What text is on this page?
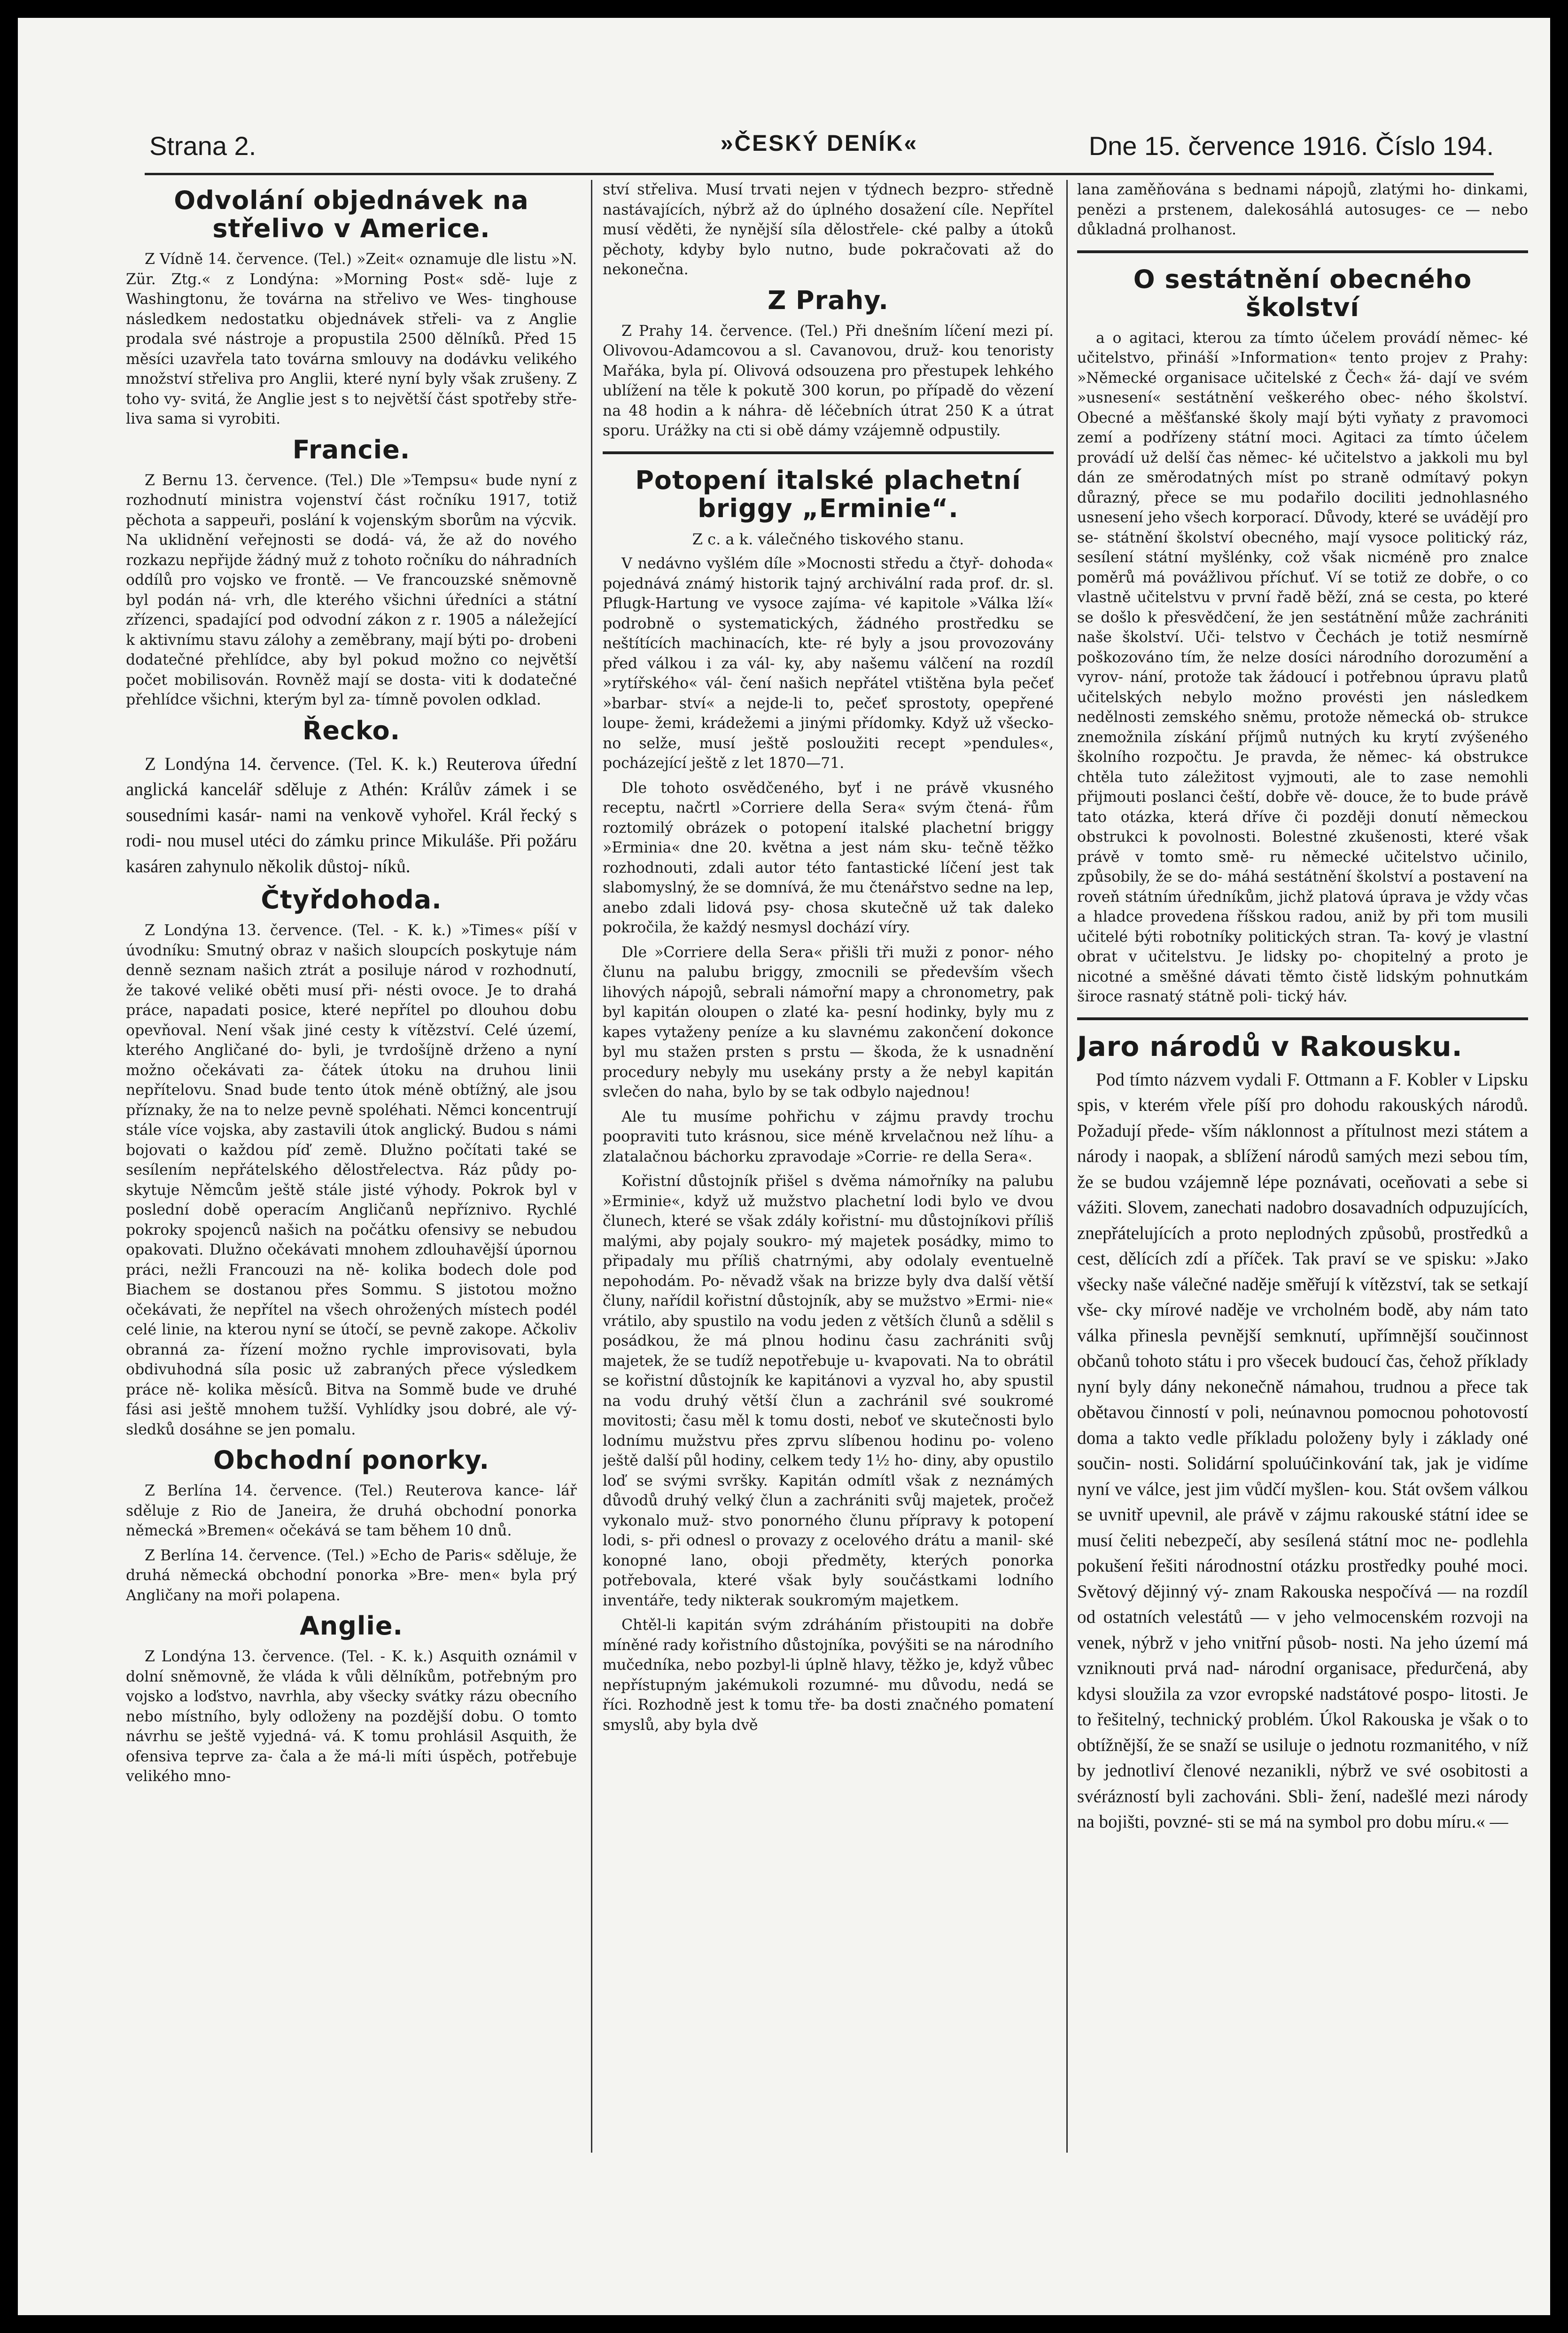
Strana 2.	»ČESKÝ DENÍK«	Dne 15. července 1916. Číslo 194.
Odvolání objednávek na střelivo v Americe.

Z Vídně 14. července. (Tel.) »Zeit« oznamuje dle listu »N. Zür. Ztg.« z Londýna: »Morning Post« sdě- luje z Washingtonu, že továrna na střelivo ve Wes- tinghouse následkem nedostatku objednávek střeli- va z Anglie prodala své nástroje a propustila 2500 dělníků. Před 15 měsíci uzavřela tato továrna smlouvy na dodávku velikého množství střeliva pro Anglii, které nyní byly však zrušeny. Z toho vy- svitá, že Anglie jest s to největší část spotřeby stře- liva sama si vyrobiti.

Francie.

Z Bernu 13. července. (Tel.) Dle »Tempsu« bude nyní z rozhodnutí ministra vojenství část ročníku 1917, totiž pěchota a sappeuři, poslání k vojenským sborům na výcvik. Na uklidnění veřejnosti se dodá- vá, že až do nového rozkazu nepřijde žádný muž z tohoto ročníku do náhradních oddílů pro vojsko ve frontě. — Ve francouzské sněmovně byl podán ná- vrh, dle kterého všichni úředníci a státní zřízenci, spadající pod odvodní zákon z r. 1905 a náležející k aktivnímu stavu zálohy a zeměbrany, mají býti po- drobeni dodatečné přehlídce, aby byl pokud možno co největší počet mobilisován. Rovněž mají se dosta- viti k dodatečné přehlídce všichni, kterým byl za- tímně povolen odklad.

Řecko.

Z Londýna 14. července. (Tel. K. k.) Reuterova úřední anglická kancelář sděluje z Athén: Králův zámek i se sousedními kasár- nami na venkově vyhořel. Král řecký s rodi- nou musel utéci do zámku prince Mikuláše. Při požáru kasáren zahynulo několik důstoj- níků.

Čtyřdohoda.

Z Londýna 13. července. (Tel. - K. k.) »Times« píší v úvodníku: Smutný obraz v našich sloupcích poskytuje nám denně seznam našich ztrát a posiluje národ v rozhodnutí, že takové veliké oběti musí při- nésti ovoce. Je to drahá práce, napadati posice, které nepřítel po dlouhou dobu opevňoval. Není však jiné cesty k vítězství. Celé území, kterého Angličané do- byli, je tvrdošíjně drženo a nyní možno očekávati za- čátek útoku na druhou linii nepřítelovu. Snad bude tento útok méně obtížný, ale jsou příznaky, že na to nelze pevně spoléhati. Němci koncentrují stále více vojska, aby zastavili útok anglický. Budou s námi bojovati o každou píď země. Dlužno počítati také se sesílením nepřátelského dělostřelectva. Ráz půdy po- skytuje Němcům ještě stále jisté výhody. Pokrok byl v poslední době operacím Angličanů nepříznivo. Rychlé pokroky spojenců našich na počátku ofensivy se nebudou opakovati. Dlužno očekávati mnohem zdlouhavější úpornou práci, nežli Francouzi na ně- kolika bodech dole pod Biachem se dostanou přes Sommu. S jistotou možno očekávati, že nepřítel na všech ohrožených místech podél celé linie, na kterou nyní se útočí, se pevně zakope. Ačkoliv obranná za- řízení možno rychle improvisovati, byla obdivuhodná síla posic už zabraných přece výsledkem práce ně- kolika měsíců. Bitva na Sommě bude ve druhé fási asi ještě mnohem tužší. Vyhlídky jsou dobré, ale vý- sledků dosáhne se jen pomalu.

Obchodní ponorky.

Z Berlína 14. července. (Tel.) Reuterova kance- lář sděluje z Rio de Janeira, že druhá obchodní ponorka německá »Bremen« očekává se tam během 10 dnů.

Z Berlína 14. července. (Tel.) »Echo de Paris« sděluje, že druhá německá obchodní ponorka »Bre- men« byla prý Angličany na moři polapena.

Anglie.

Z Londýna 13. července. (Tel. - K. k.) Asquith oznámil v dolní sněmovně, že vláda k vůli dělníkům, potřebným pro vojsko a loďstvo, navrhla, aby všecky svátky rázu obecního nebo místního, byly odloženy na pozdější dobu. O tomto návrhu se ještě vyjedná- vá. K tomu prohlásil Asquith, že ofensiva teprve za- čala a že má-li míti úspěch, potřebuje velikého mno-

ství střeliva. Musí trvati nejen v týdnech bezpro- středně nastávajících, nýbrž až do úplného dosažení cíle. Nepřítel musí věděti, že nynější síla dělostřele- cké palby a útoků pěchoty, kdyby bylo nutno, bude pokračovati až do nekonečna.

Z Prahy.

Z Prahy 14. července. (Tel.) Při dnešním líčení mezi pí. Olivovou-Adamcovou a sl. Cavanovou, druž- kou tenoristy Mařáka, byla pí. Olivová odsouzena pro přestupek lehkého ublížení na těle k pokutě 300 korun, po případě do vězení na 48 hodin a k náhra- dě léčebních útrat 250 K a útrat sporu. Urážky na cti si obě dámy vzájemně odpustily.

Potopení italské plachetní briggy „Erminie“.

Z c. a k. válečného tiskového stanu.

V nedávno vyšlém díle »Mocnosti středu a čtyř- dohoda« pojednává známý historik tajný archivální rada prof. dr. sl. Pflugk-Hartung ve vysoce zajíma- vé kapitole »Válka lží« podrobně o systematických, žádného prostředku se neštítících machinacích, kte- ré byly a jsou provozovány před válkou i za vál- ky, aby našemu válčení na rozdíl »rytířského« vál- čení našich nepřátel vtištěna byla pečeť »barbar- ství« a nejde-li to, pečeť sprostoty, opepřené loupe- žemi, krádežemi a jinými přídomky. Když už všecko- no selže, musí ještě posloužiti recept »pendules«, pocházející ještě z let 1870—71.

Dle tohoto osvědčeného, byť i ne právě vkusného receptu, načrtl »Corriere della Sera« svým čtená- řům roztomilý obrázek o potopení italské plachetní briggy »Erminia« dne 20. května a jest nám sku- tečně těžko rozhodnouti, zdali autor této fantastické líčení jest tak slabomyslný, že se domnívá, že mu čtenářstvo sedne na lep, anebo zdali lidová psy- chosa skutečně už tak daleko pokročila, že každý nesmysl dochází víry.

Dle »Corriere della Sera« přišli tři muži z ponor- ného člunu na palubu briggy, zmocnili se především všech lihových nápojů, sebrali námořní mapy a chronometry, pak byl kapitán oloupen o zlaté ka- pesní hodinky, byly mu z kapes vytaženy peníze a ku slavnému zakončení dokonce byl mu stažen prsten s prstu — škoda, že k usnadnění procedury nebyly mu usekány prsty a že nebyl kapitán svlečen do naha, bylo by se tak odbylo najednou!

Ale tu musíme pohřichu v zájmu pravdy trochu poopraviti tuto krásnou, sice méně krvelačnou než líhu- a zlatalačnou báchorku zpravodaje »Corrie- re della Sera«.

Kořistní důstojník přišel s dvěma námořníky na palubu »Erminie«, když už mužstvo plachetní lodi bylo ve dvou člunech, které se však zdály kořistní- mu důstojníkovi příliš malými, aby pojaly soukro- mý majetek posádky, mimo to připadaly mu příliš chatrnými, aby odolaly eventuelně nepohodám. Po- něvadž však na brizze byly dva další větší čluny, nařídil kořistní důstojník, aby se mužstvo »Ermi- nie« vrátilo, aby spustilo na vodu jeden z větších člunů a sdělil s posádkou, že má plnou hodinu času zachrániti svůj majetek, že se tudíž nepotřebuje u- kvapovati. Na to obrátil se kořistní důstojník ke kapitánovi a vyzval ho, aby spustil na vodu druhý větší člun a zachránil své soukromé movitosti; času měl k tomu dosti, neboť ve skutečnosti bylo lodnímu mužstvu přes zprvu slíbenou hodinu po- voleno ještě další půl hodiny, celkem tedy 1½ ho- diny, aby opustilo loď se svými svršky. Kapitán odmítl však z neznámých důvodů druhý velký člun a zachrániti svůj majetek, pročež vykonalo muž- stvo ponorného člunu přípravy k potopení lodi, s- při odnesl o provazy z ocelového drátu a manil- ské konopné lano, oboji předměty, kterých ponorka potřebovala, které však byly součástkami lodního inventáře, tedy nikterak soukromým majetkem.

Chtěl-li kapitán svým zdráháním přistoupiti na dobře míněné rady kořistního důstojníka, povýšiti se na národního mučedníka, nebo pozbyl-li úplně hlavy, těžko je, když vůbec nepřístupným jakémukoli rozumné- mu důvodu, nedá se říci. Rozhodně jest k tomu tře- ba dosti značného pomatení smyslů, aby byla dvě

lana zaměňována s bednami nápojů, zlatými ho- dinkami, penězi a prstenem, dalekosáhlá autosuges- ce — nebo důkladná prolhanost.

O sestátnění obecného školství

a o agitaci, kterou za tímto účelem provádí němec- ké učitelstvo, přináší »Information« tento projev z Prahy: »Německé organisace učitelské z Čech« žá- dají ve svém »usnesení« sestátnění veškerého obec- ného školství. Obecné a měšťanské školy mají býti vyňaty z pravomoci zemí a podřízeny státní moci. Agitaci za tímto účelem provádí už delší čas němec- ké učitelstvo a jakkoli mu byl dán ze směrodatných míst po straně odmítavý pokyn důrazný, přece se mu podařilo dociliti jednohlasného usnesení jeho všech korporací. Důvody, které se uvádějí pro se- státnění školství obecného, mají vysoce politický ráz, sesílení státní myšlénky, což však nicméně pro znalce poměrů má povážlivou příchuť. Ví se totiž ze dobře, o co vlastně učitelstvu v první řadě běží, zná se cesta, po které se došlo k přesvědčení, že jen sestátnění může zachrániti naše školství. Uči- telstvo v Čechách je totiž nesmírně poškozováno tím, že nelze dosíci národního dorozumění a vyrov- nání, protože tak žádoucí i potřebnou úpravu platů učitelských nebylo možno provésti jen následkem nedělnosti zemského sněmu, protože německá ob- strukce znemožnila získání příjmů nutných ku krytí zvýšeného školního rozpočtu. Je pravda, že němec- ká obstrukce chtěla tuto záležitost vyjmouti, ale to zase nemohli přijmouti poslanci čeští, dobře vě- douce, že to bude právě tato otázka, která dříve či později donutí německou obstrukci k povolnosti. Bolestné zkušenosti, které však právě v tomto smě- ru německé učitelstvo učinilo, způsobily, že se do- máhá sestátnění školství a postavení na roveň státním úředníkům, jichž platová úprava je vždy včas a hladce provedena říšskou radou, aniž by při tom musili učitelé býti robotníky politických stran. Ta- kový je vlastní obrat v učitelstvu. Je lidsky po- chopitelný a proto je nicotné a směšné dávati těmto čistě lidským pohnutkám široce rasnatý státně poli- tický háv.

Jaro národů v Rakousku.

Pod tímto názvem vydali F. Ottmann a F. Kobler v Lipsku spis, v kterém vřele píší pro dohodu rakouských národů. Požadují přede- vším náklonnost a přítulnost mezi státem a národy i naopak, a sblížení národů samých mezi sebou tím, že se budou vzájemně lépe poznávati, oceňovati a sebe si vážiti. Slovem, zanechati nadobro dosavadních odpuzujících, znepřátelujících a proto neplodných způsobů, prostředků a cest, dělících zdí a příček. Tak praví se ve spisku: »Jako všecky naše válečné naděje směřují k vítězství, tak se setkají vše- cky mírové naděje ve vrcholném bodě, aby nám tato válka přinesla pevnější semknutí, upřímnější součinnost občanů tohoto státu i pro všecek budoucí čas, čehož příklady nyní byly dány nekonečně námahou, trudnou a přece tak obětavou činností v poli, neúnavnou pomocnou pohotovostí doma a takto vedle příkladu položeny byly i základy oné součin- nosti. Solidární spoluúčinkování tak, jak je vidíme nyní ve válce, jest jim vůdčí myšlen- kou. Stát ovšem válkou se uvnitř upevnil, ale právě v zájmu rakouské státní idee se musí čeliti nebezpečí, aby sesílená státní moc ne- podlehla pokušení řešiti národnostní otázku prostředky pouhé moci. Světový dějinný vý- znam Rakouska nespočívá — na rozdíl od ostatních velestátů — v jeho velmocenském rozvoji na venek, nýbrž v jeho vnitřní působ- nosti. Na jeho území má vzniknouti prvá nad- národní organisace, předurčená, aby kdysi sloužila za vzor evropské nadstátové pospo- litosti. Je to řešitelný, technický problém. Úkol Rakouska je však o to obtížnější, že se snaží se usiluje o jednotu rozmanitého, v níž by jednotliví členové nezanikli, nýbrž ve své osobitosti a svérázností byli zachováni. Sbli- žení, nadešlé mezi národy na bojišti, povzné- sti se má na symbol pro dobu míru.« —
